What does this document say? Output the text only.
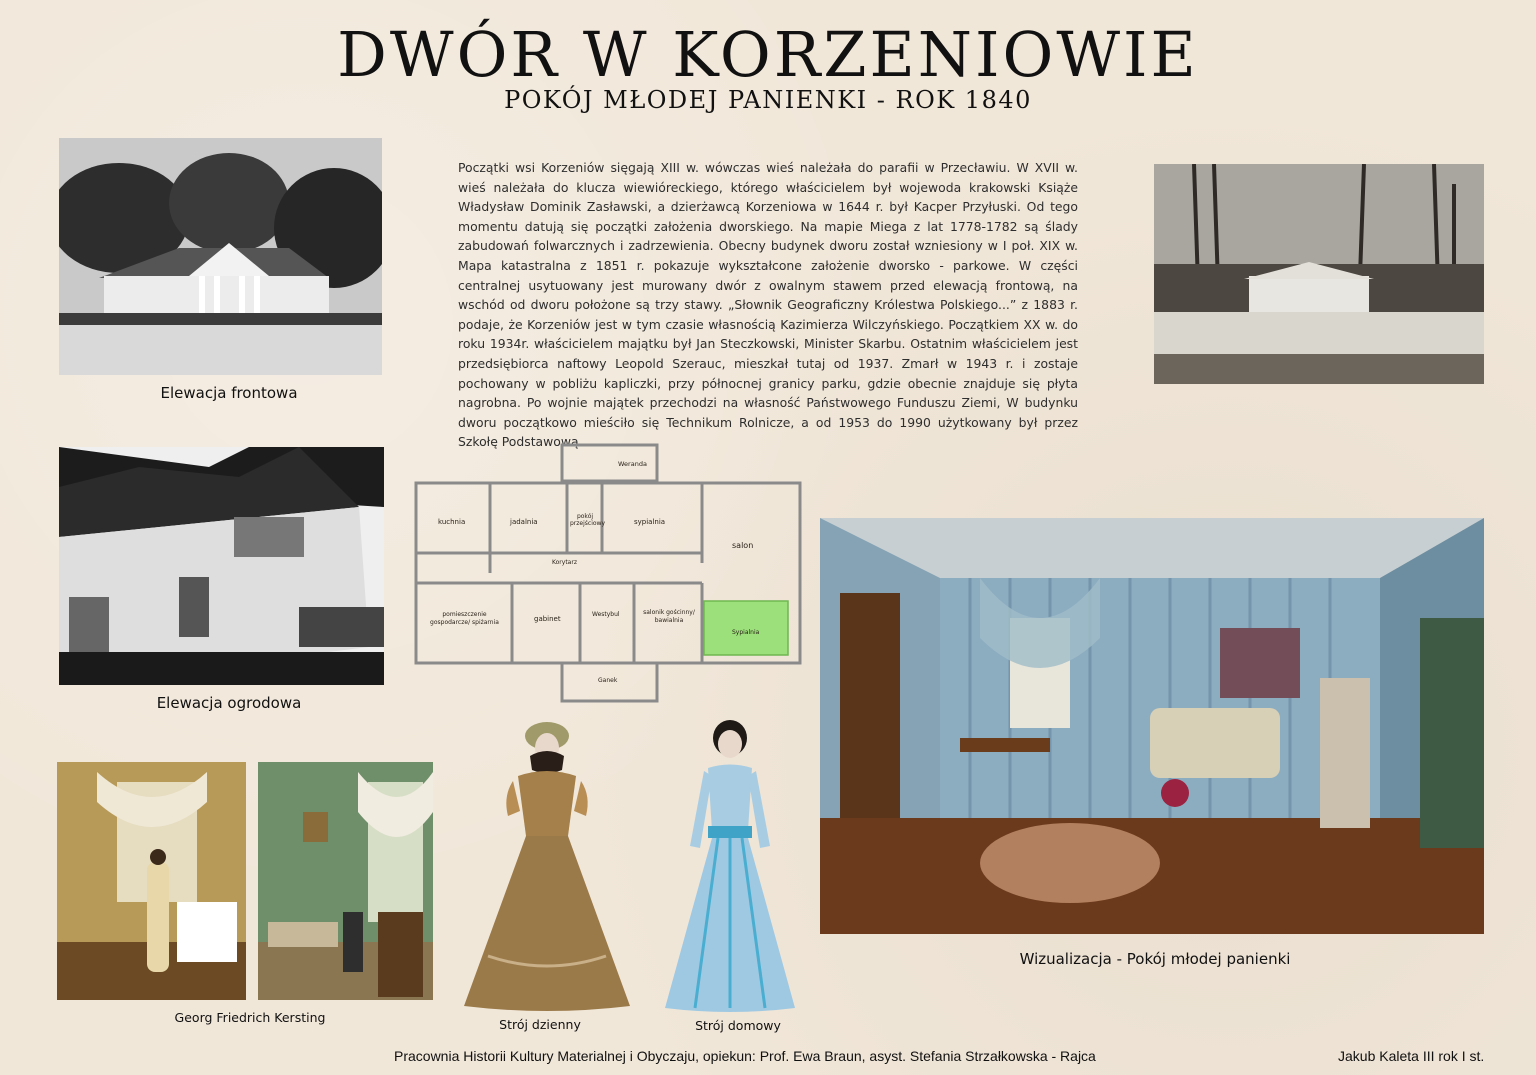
DWÓR W KORZENIOWIE
POKÓJ MŁODEJ PANIENKI - ROK 1840
Elewacja frontowa
Elewacja ogrodowa
Georg Friedrich Kersting
Początki wsi Korzeniów sięgają XIII w. wówczas wieś należała do parafii w Przecławiu. W XVII w. wieś należała do klucza wiewióreckiego, którego właścicielem był wojewoda krakowski Książe Władysław Dominik Zasławski, a dzierżawcą Korzeniowa w 1644 r. był Kacper Przyłuski. Od tego momentu datują się początki założenia dworskiego. Na mapie Miega z lat 1778-1782 są ślady zabudowań folwarcznych i zadrzewienia. Obecny budynek dworu został wzniesiony w I poł. XIX w. Mapa katastralna z 1851 r. pokazuje wykształcone założenie dworsko - parkowe. W części centralnej usytuowany jest murowany dwór z owalnym stawem przed elewacją frontową, na wschód od dworu położone są trzy stawy. „Słownik Geograficzny Królestwa Polskiego...” z 1883 r. podaje, że Korzeniów jest w tym czasie własnością Kazimierza Wilczyńskiego. Początkiem XX w. do roku 1934r. właścicielem majątku był Jan Steczkowski, Minister Skarbu. Ostatnim właścicielem jest przedsiębiorca naftowy Leopold Szerauc, mieszkał tutaj od 1937. Zmarł w 1943 r. i zostaje pochowany w pobliżu kapliczki, przy północnej granicy parku, gdzie obecnie znajduje się płyta nagrobna. Po wojnie majątek przechodzi na własność Państwowego Funduszu Ziemi, W budynku dworu początkowo mieściło się Technikum Rolnicze, a od 1953 do 1990 użytkowany był przez Szkołę Podstawową.
Weranda
kuchnia	jadalnia
pokój przejściowy	sypialnia
salon
Korytarz
pomieszczenie gospodarcze/ spiżarnia	gabinet
Westybul	salonik gościnny/ bawialnia
Sypialnia
Ganek
Strój dzienny	Strój domowy
Wizualizacja - Pokój młodej panienki
Pracownia Historii Kultury Materialnej i Obyczaju, opiekun: Prof. Ewa Braun, asyst. Stefania Strzałkowska - Rajca	Jakub Kaleta III rok I st.
